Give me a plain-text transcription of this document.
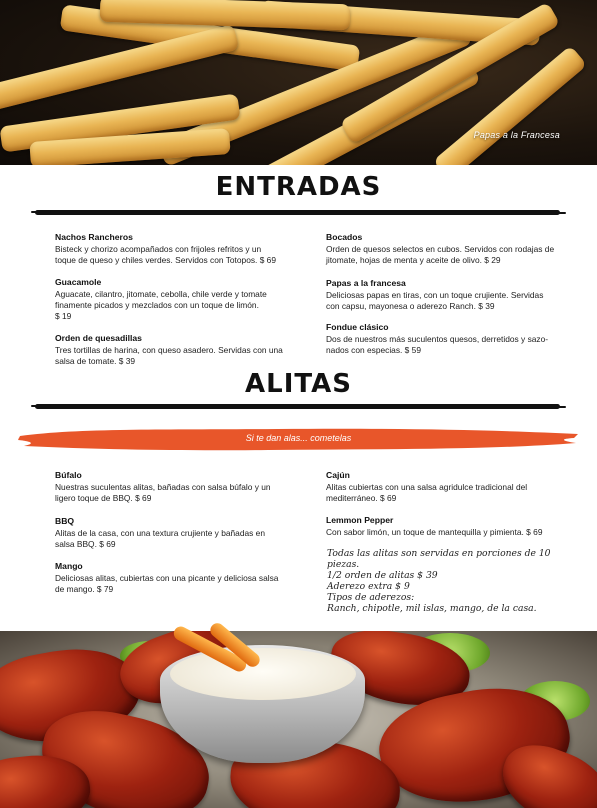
Papas a la Francesa
ENTRADAS
Nachos Rancheros
Bisteck y chorizo acompañados con frijoles refritos y un
toque de queso y chiles verdes. Servidos con Totopos. $ 69
Guacamole
Aguacate, cilantro, jitomate, cebolla, chile verde y tomate
finamente picados y mezclados con un toque de limón.
$ 19
Orden de quesadillas
Tres tortillas de harina, con queso asadero. Servidas con una
salsa de tomate. $ 39
Bocados
Orden de quesos selectos en cubos. Servidos con rodajas de
jitomate, hojas de menta y aceite de olivo. $ 29
Papas a la francesa
Deliciosas papas en tiras, con un toque crujiente. Servidas
con capsu, mayonesa o aderezo Ranch. $ 39
Fondue clásico
Dos de nuestros más suculentos quesos, derretidos y sazo-
nados con especias. $ 59
ALITAS
Si te dan alas... cometelas
Búfalo
Nuestras suculentas alitas, bañadas con salsa búfalo y un
ligero toque de BBQ. $ 69
BBQ
Alitas de la casa, con una textura crujiente y bañadas en
salsa BBQ. $ 69
Mango
Deliciosas alitas, cubiertas con una picante y deliciosa salsa
de mango. $ 79
Cajún
Alitas cubiertas con una salsa agridulce tradicional del
mediterráneo. $ 69
Lemmon Pepper
Con sabor limón, un toque de mantequilla y pimienta. $ 69
Todas las alitas son servidas en porciones de 10
piezas.
1/2 orden de alitas $ 39
Aderezo extra $ 9
Tipos de aderezos:
Ranch, chipotle, mil islas, mango, de la casa.
